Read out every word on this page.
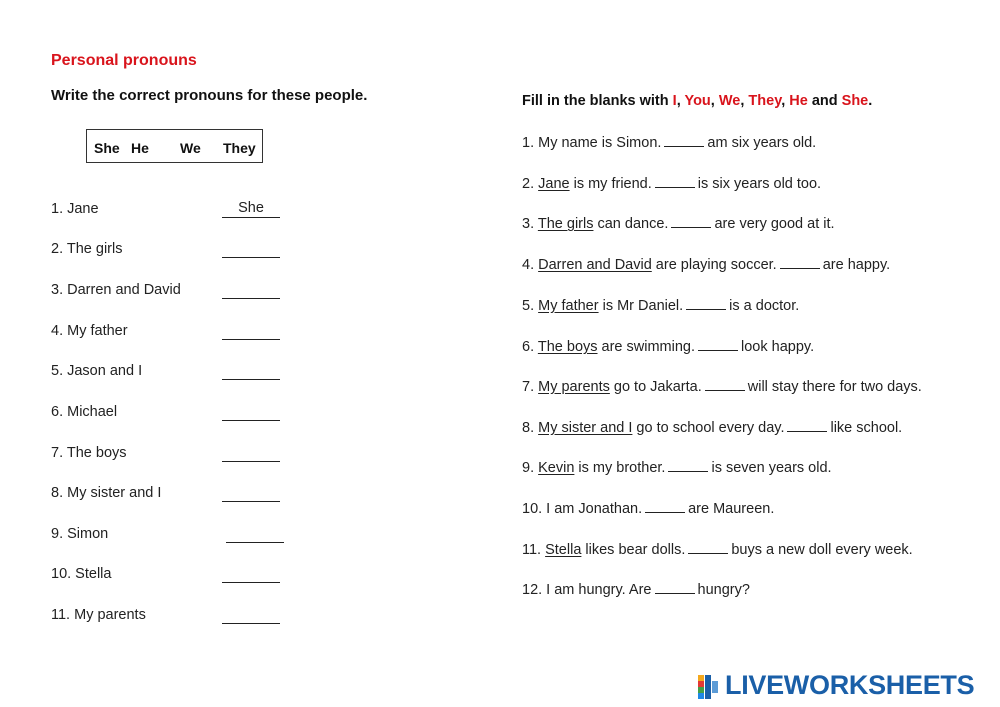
Personal pronouns
Write the correct pronouns for these people.
She He We They
1. Jane	She
2. The girls
3. Darren and David
4. My father
5. Jason and I
6. Michael
7. The boys
8. My sister and I
9. Simon
10. Stella
11. My parents
Fill in the blanks with I, You, We, They, He and She.
1. My name is Simon.	am six years old.
2. Jane is my friend.	is six years old too.
3. The girls can dance.	are very good at it.
4. Darren and David are playing soccer.	are happy.
5. My father is Mr Daniel.	is a doctor.
6. The boys are swimming.	look happy.
7. My parents go to Jakarta.	will stay there for two days.
8. My sister and I go to school every day.	like school.
9. Kevin is my brother.	is seven years old.
10. I am Jonathan.	are Maureen.
11. Stella likes bear dolls.	buys a new doll every week.
12. I am hungry. Are	hungry?
LIVEWORKSHEETS
